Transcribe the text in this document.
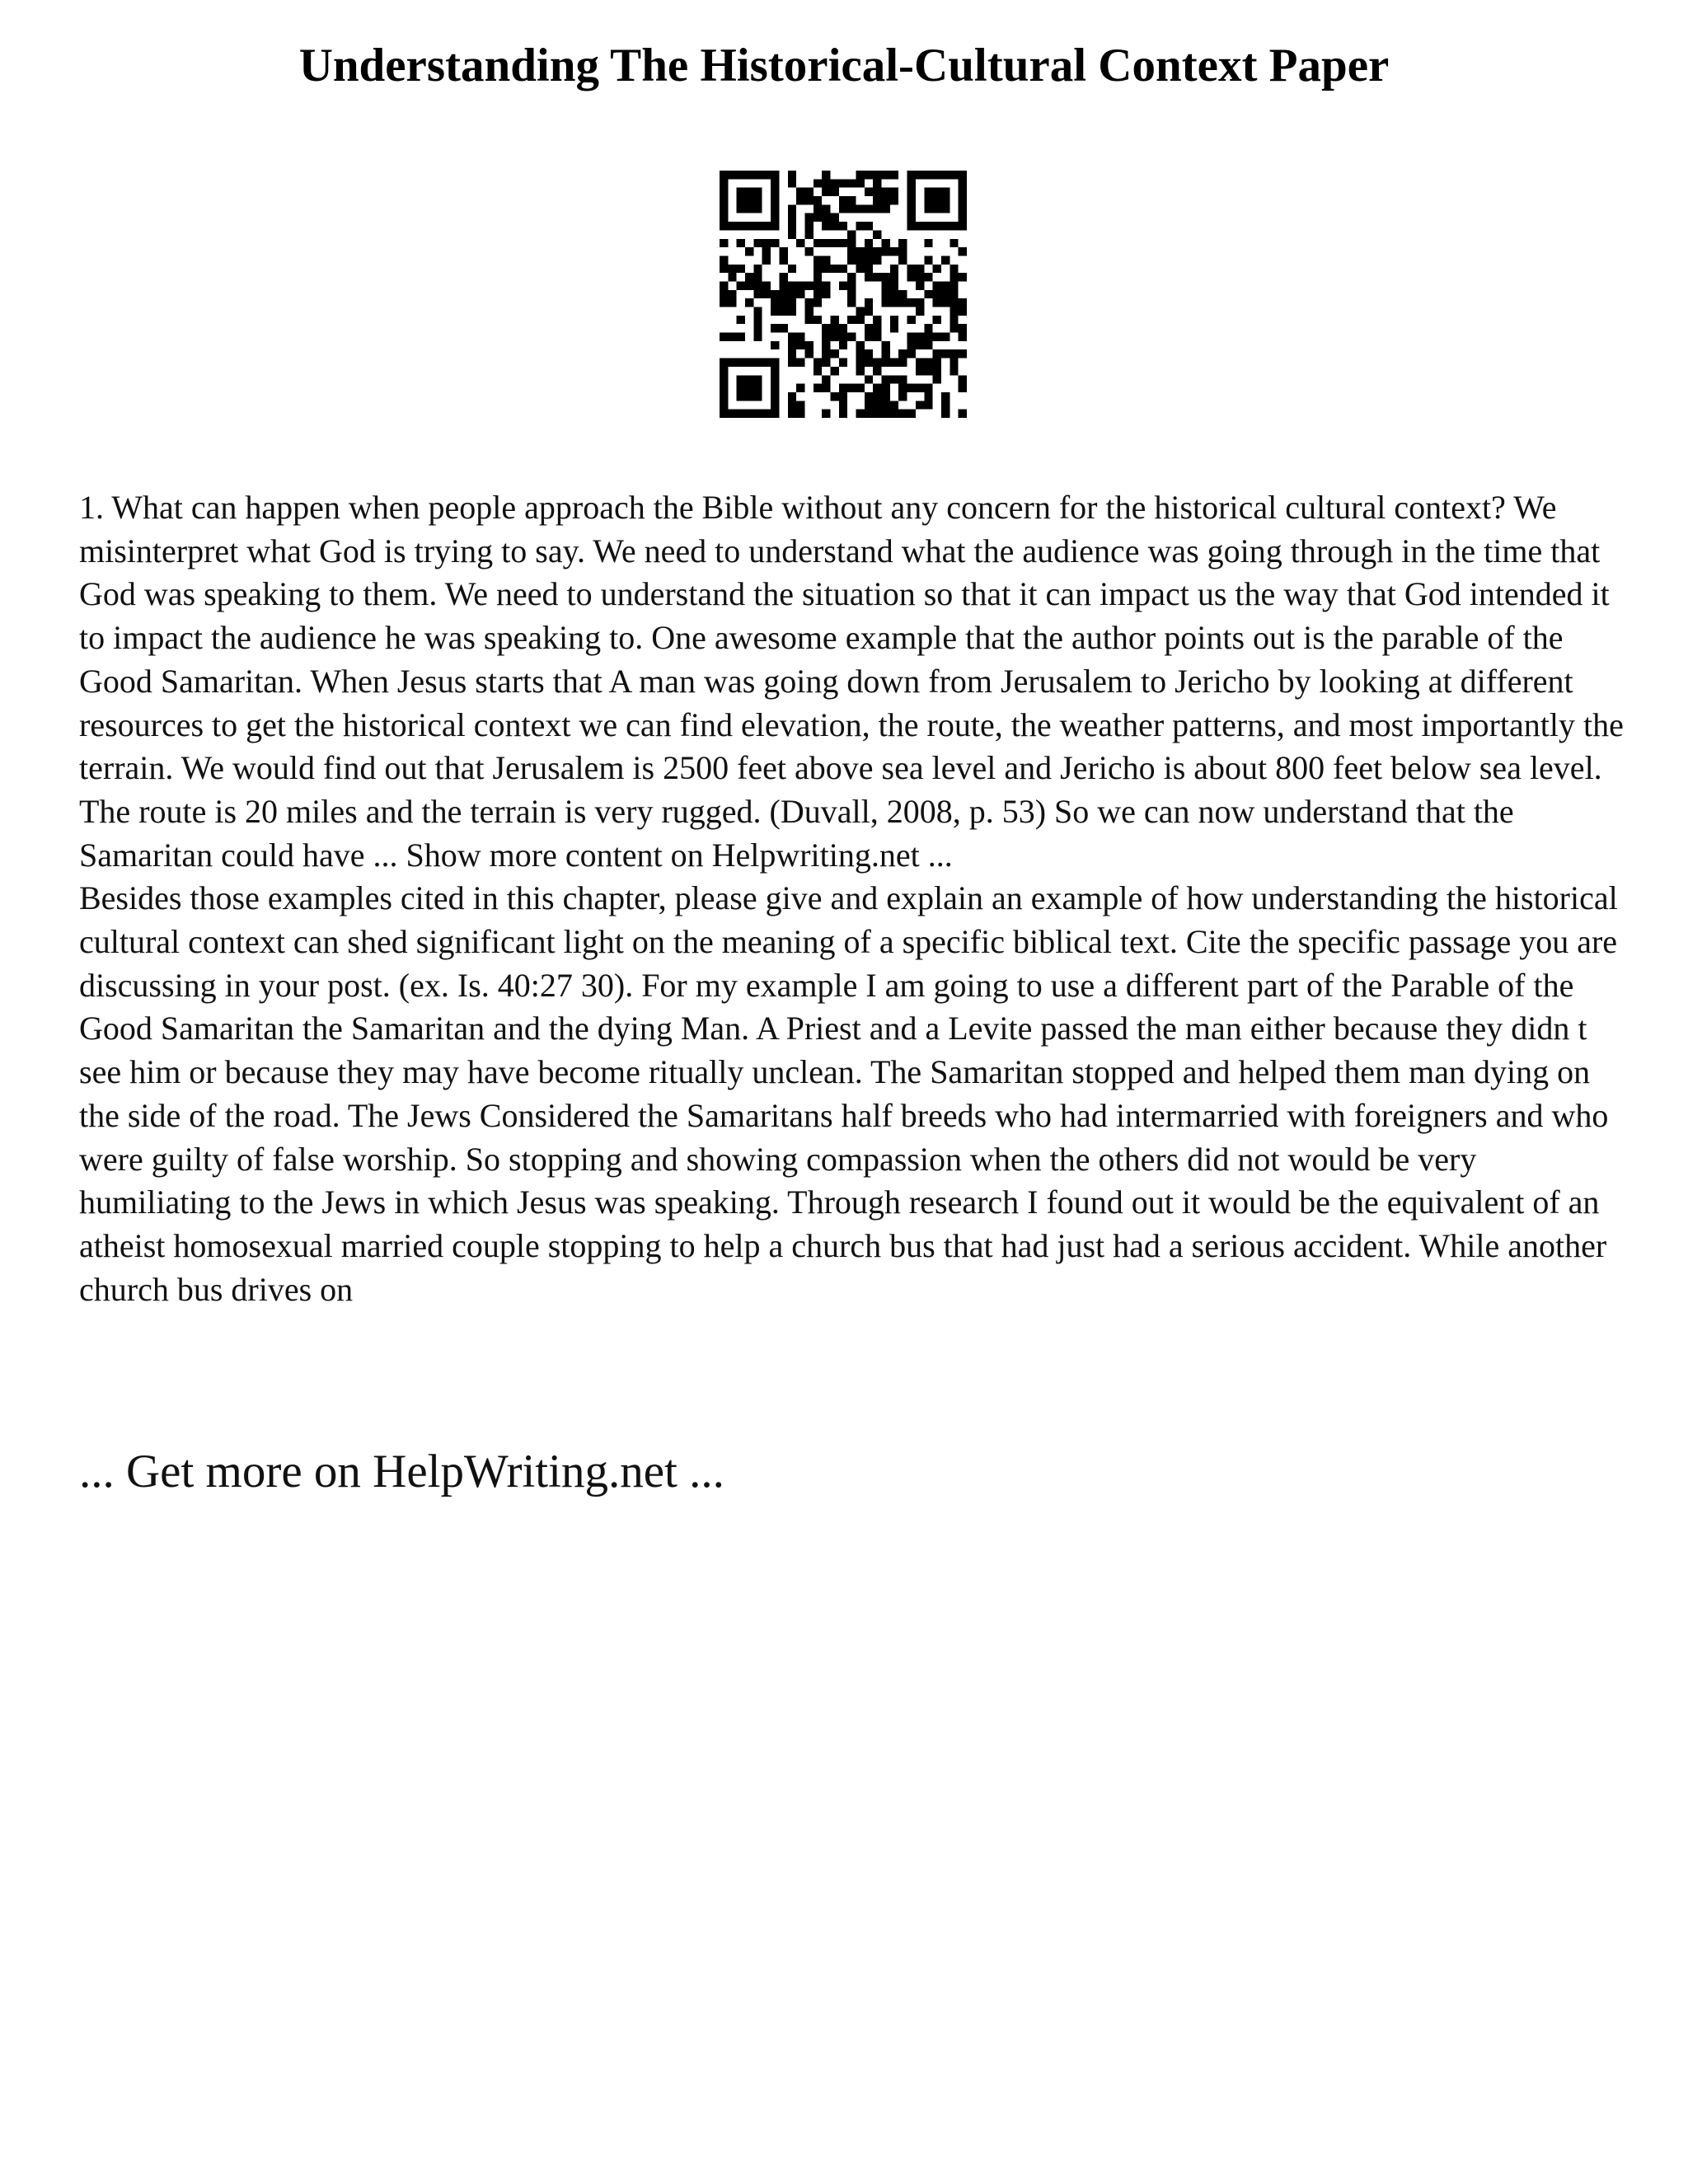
Understanding The Historical-Cultural Context Paper

1. What can happen when people approach the Bible without any concern for the historical cultural context? We misinterpret what God is trying to say. We need to understand what the audience was going through in the time that God was speaking to them. We need to understand the situation so that it can impact us the way that God intended it to impact the audience he was speaking to. One awesome example that the author points out is the parable of the Good Samaritan. When Jesus starts that A man was going down from Jerusalem to Jericho by looking at different resources to get the historical context we can find elevation, the route, the weather patterns, and most importantly the terrain. We would find out that Jerusalem is 2500 feet above sea level and Jericho is about 800 feet below sea level. The route is 20 miles and the terrain is very rugged. (Duvall, 2008, p. 53) So we can now understand that the Samaritan could have ... Show more content on Helpwriting.net ...

Besides those examples cited in this chapter, please give and explain an example of how understanding the historical cultural context can shed significant light on the meaning of a specific biblical text. Cite the specific passage you are discussing in your post. (ex. Is. 40:27 30). For my example I am going to use a different part of the Parable of the Good Samaritan the Samaritan and the dying Man. A Priest and a Levite passed the man either because they didn t see him or because they may have become ritually unclean. The Samaritan stopped and helped them man dying on the side of the road. The Jews Considered the Samaritans half breeds who had intermarried with foreigners and who were guilty of false worship. So stopping and showing compassion when the others did not would be very humiliating to the Jews in which Jesus was speaking. Through research I found out it would be the equivalent of an atheist homosexual married couple stopping to help a church bus that had just had a serious accident. While another church bus drives on

... Get more on HelpWriting.net ...
